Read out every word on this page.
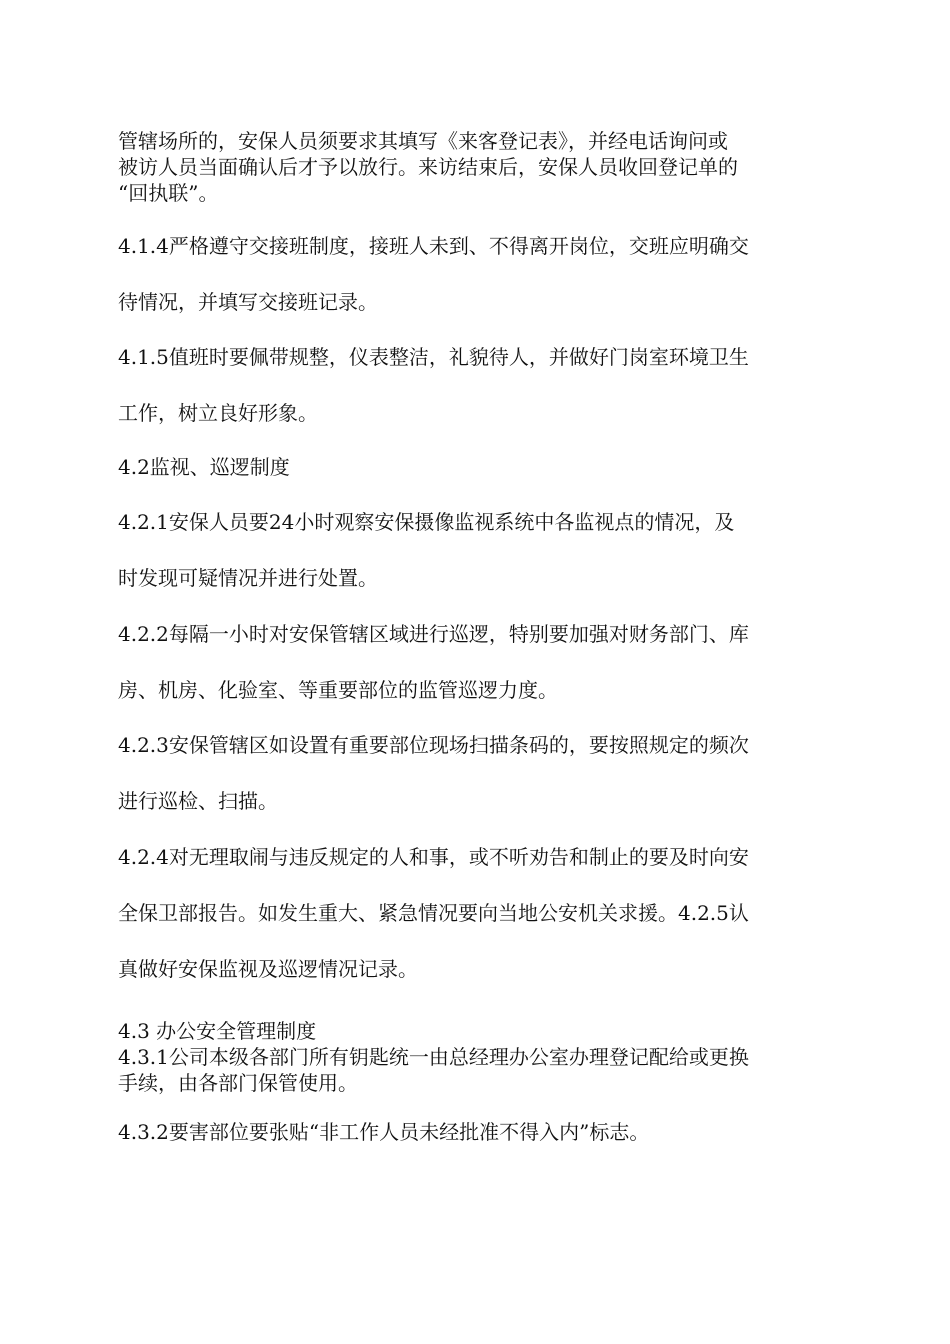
管辖场所的，安保人员须要求其填写《来客登记表》，并经电话询问或
被访人员当面确认后才予以放行。来访结束后，安保人员收回登记单的
“回执联”。
4.1.4严格遵守交接班制度，接班人未到、不得离开岗位，交班应明确交
待情况，并填写交接班记录。
4.1.5值班时要佩带规整，仪表整洁，礼貌待人，并做好门岗室环境卫生
工作，树立良好形象。
4.2监视、巡逻制度
4.2.1安保人员要24小时观察安保摄像监视系统中各监视点的情况，及
时发现可疑情况并进行处置。
4.2.2每隔一小时对安保管辖区域进行巡逻，特别要加强对财务部门、库
房、机房、化验室、等重要部位的监管巡逻力度。
4.2.3安保管辖区如设置有重要部位现场扫描条码的，要按照规定的频次
进行巡检、扫描。
4.2.4对无理取闹与违反规定的人和事，或不听劝告和制止的要及时向安
全保卫部报告。如发生重大、紧急情况要向当地公安机关求援。4.2.5认
真做好安保监视及巡逻情况记录。
4.3 办公安全管理制度
4.3.1公司本级各部门所有钥匙统一由总经理办公室办理登记配给或更换
手续，由各部门保管使用。
4.3.2要害部位要张贴“非工作人员未经批准不得入内”标志。
